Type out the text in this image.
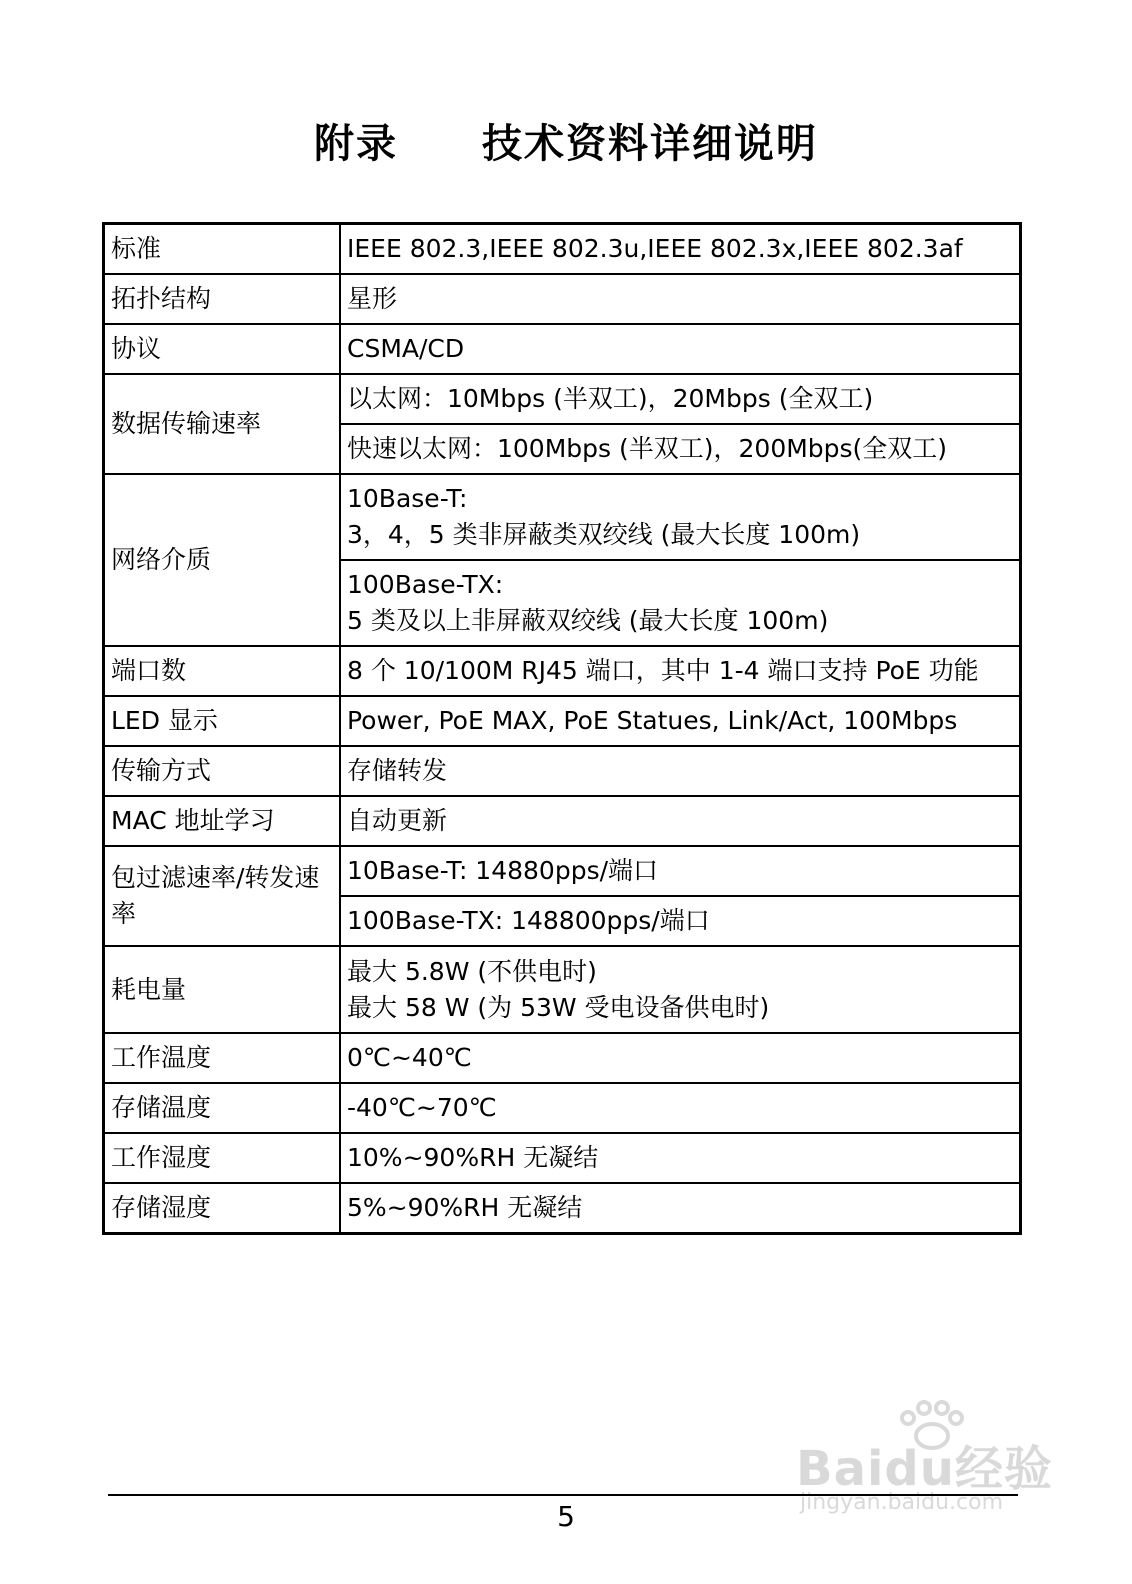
附录 技术资料详细说明
标准	IEEE 802.3,IEEE 802.3u,IEEE 802.3x,IEEE 802.3af
拓扑结构	星形
协议	CSMA/CD
数据传输速率	以太网：10Mbps (半双工)，20Mbps (全双工)
	快速以太网：100Mbps (半双工)，200Mbps(全双工)
网络介质	10Base-T:
3，4，5 类非屏蔽类双绞线 (最大长度 100m)

	100Base-TX:
5 类及以上非屏蔽双绞线 (最大长度 100m)

端口数	8 个 10/100M RJ45 端口，其中 1-4 端口支持 PoE 功能
LED 显示	Power, PoE MAX, PoE Statues, Link/Act, 100Mbps
传输方式	存储转发
MAC 地址学习	自动更新
包过滤速率/转发速率	10Base-T: 14880pps/端口
	100Base-TX: 148800pps/端口
耗电量	最大 5.8W (不供电时)
最大 58 W (为 53W 受电设备供电时)

工作温度	0℃~40℃
存储温度	-40℃~70℃
工作湿度	10%~90%RH 无凝结
存储湿度	5%~90%RH 无凝结
Baidu经验
jingyan.baidu.com
5
